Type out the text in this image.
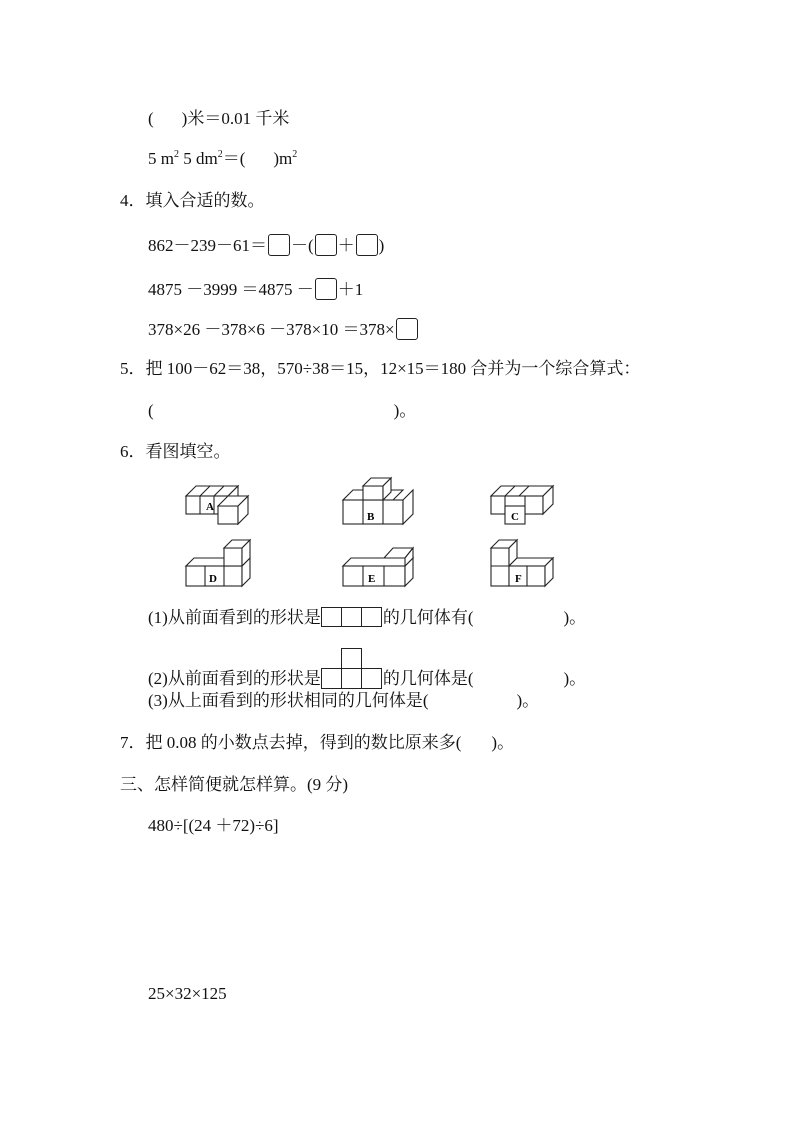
( )米＝0.01 千米
5 $m^2$ 5 $dm^2=$( )$m^2$
4．填入合适的数。
862－239－61＝ －( ＋ )
4875 －3999 ＝4875 － ＋1
378×26 －378×6 －378×10 ＝378×
5．把 100－62＝38，570÷38＝15，12×15＝180 合并为一个综合算式：
(	)。
6．看图填空。
A
B	C
D	E	F
(1)从前面看到的形状是	的几何体有(	)。
(2)从前面看到的形状是	的几何体是(	)。
(3)从上面看到的形状相同的几何体是(	)。
7．把 0.08 的小数点去掉，得到的数比原来多( )。
三、怎样简便就怎样算。(9 分)
480÷[(24 ＋72)÷6]
25×32×125
